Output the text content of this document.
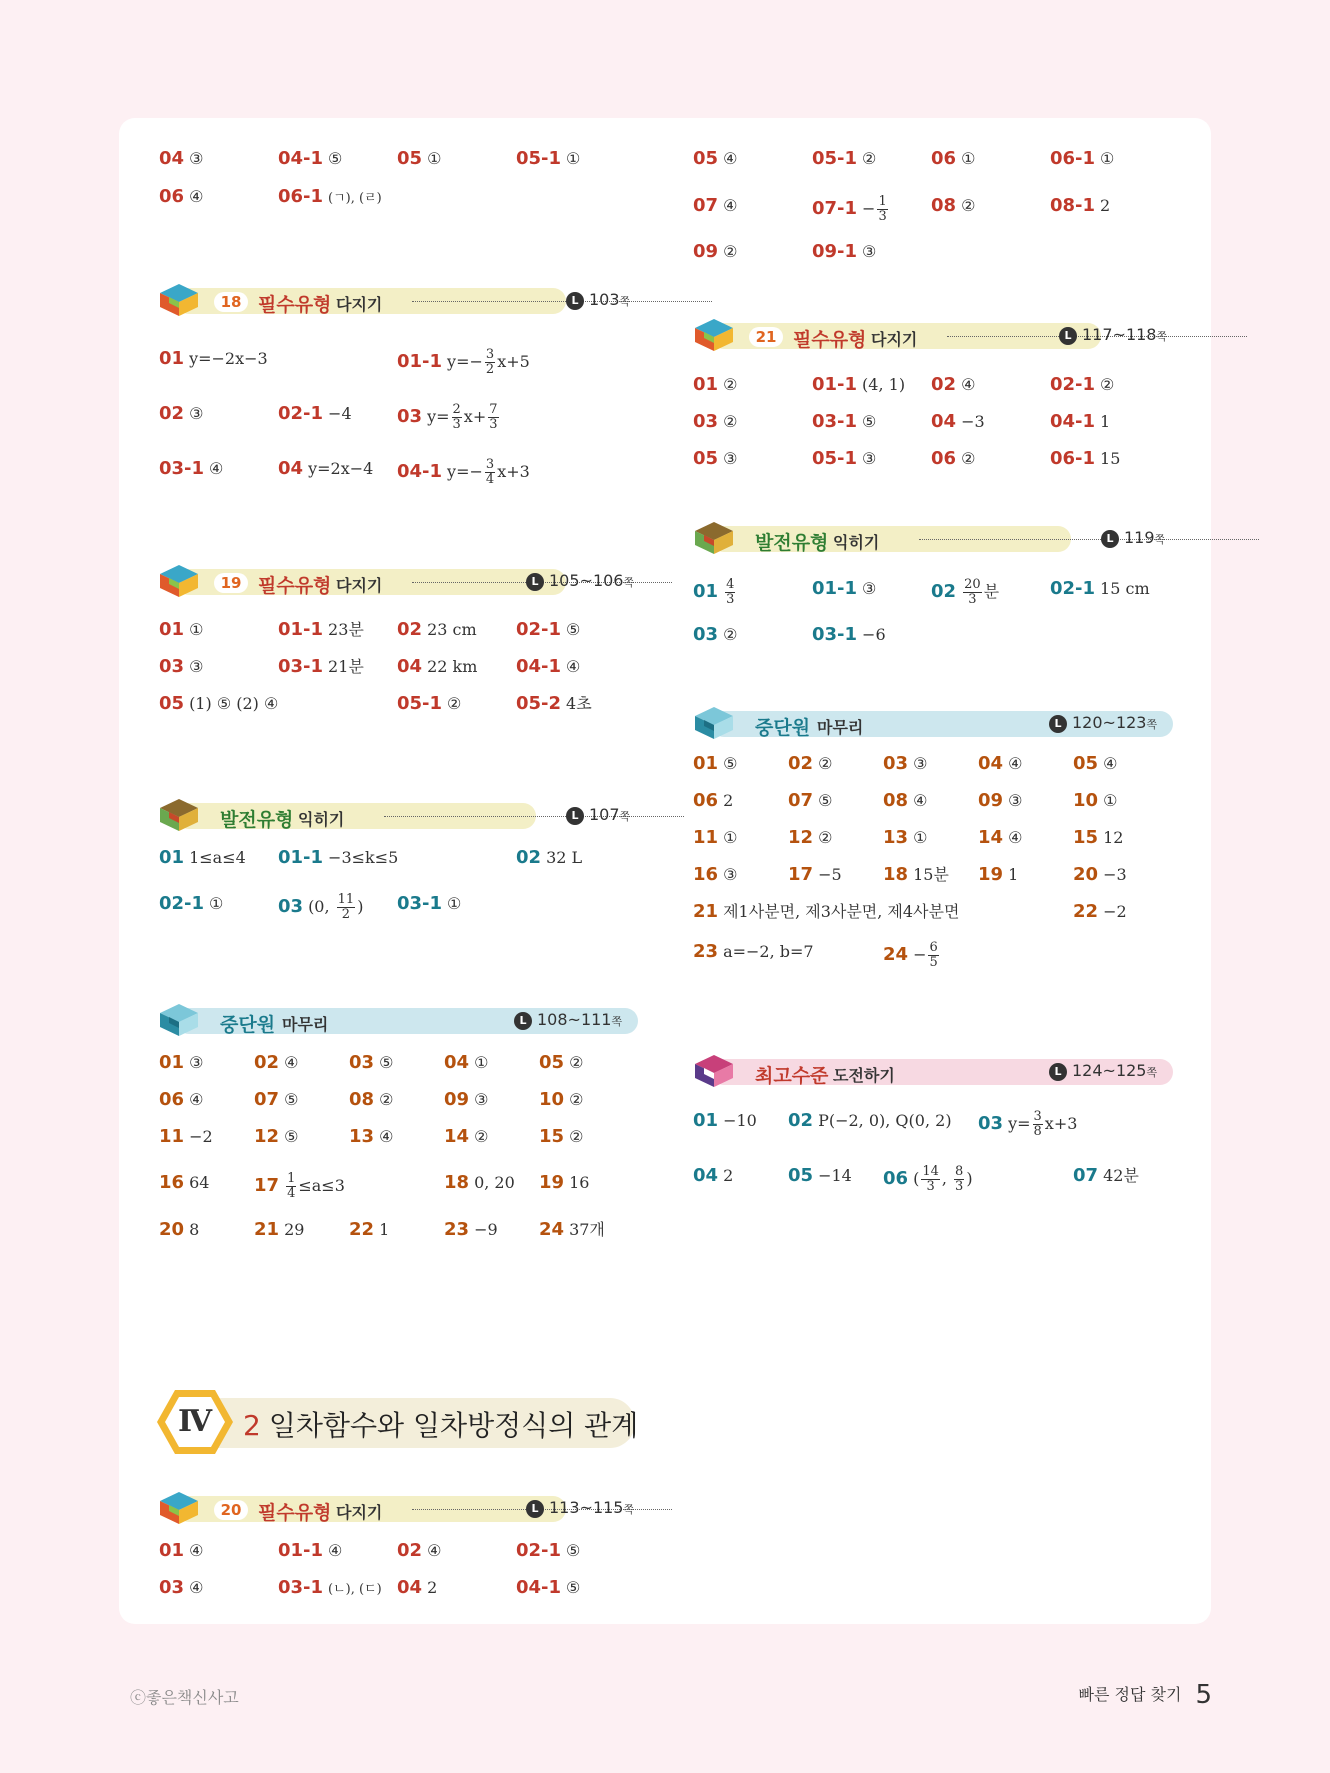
18 필수유형 다지기	L 103쪽
19 필수유형 다지기	L 105~106쪽
발전유형 익히기	L 107쪽
중단원 마무리	L 108~111쪽
Ⅳ 2 일차함수와 일차방정식의 관계
20 필수유형 다지기	L 113~115쪽
21 필수유형 다지기	L 117~118쪽
발전유형 익히기	L 119쪽
중단원 마무리	L 120~123쪽
최고수준 도전하기	L 124~125쪽
ⓒ좋은책신사고	빠른 정답 찾기 5
04 ③	04-1 ⑤	05 ①	05-1 ①
06 ④	06-1 (ㄱ), (ㄹ)
01 y=−2x−3	01-1 $y=- \frac{3}{2} x+5$
02 ③	02-1 −4	03 $y= \frac{2}{3} x+ \frac{7}{3}$
03-1 ④	04 y=2x−4 04-1 $y=- \frac{3}{4} x+3$
01 ①	01-1 23분 02 23 cm 02-1 ⑤
03 ③	03-1 21분 04 22 km 04-1 ④
05 (1) ⑤ (2) ④	05-1 ②	05-2 4초
01 1≤a≤4 01-1 −3≤k≤5	02 32 L
02-1 ①	03 (0, $\frac{11}{2}$ ) 03-1 ①
01 ③	02 ④	03 ⑤	04 ①	05 ②
06 ④	07 ⑤	08 ②	09 ③	10 ②
11 −2 12 ⑤	13 ④	14 ②	15 ②
16 64 $17 \frac{1}{4} \le a\le 3$	18 0, 20 19 16
20 8	21 29 22 1	23 −9 24 37개
01 ④	01-1 ④	02 ④	02-1 ⑤
03 ④	03-1 (ㄴ), (ㄷ) 04 2	04-1 ⑤
05 ④	05-1 ②	06 ①	06-1 ①
07 ④	$07-1 - \frac{1}{3} 08$ ②	08-1 2
09 ②	09-1 ③
01 ②	01-1 (4, 1) 02 ④	02-1 ②
03 ②	03-1 ⑤	04 −3	04-1 1
05 ③	05-1 ③	06 ②	06-1 15
$01 \frac{4}{3}$	01-1 ③	$02 \frac{20}{3}$ 분	02-1 15 cm
03 ②	03-1 −6
01 ⑤	02 ②	03 ③	04 ④	05 ④
06 2	07 ⑤	08 ④	09 ③	10 ①
11 ①	12 ②	13 ①	14 ④	15 12
16 ③	17 −5 18 15분 19 1	20 −3
21 제1사분면, 제3사분면, 제4사분면	22 −2
23 a=−2, b=7	$24 - \frac{6}{5}$
01 −10 02 P(−2, 0), Q(0, 2) 03 $y= \frac{3}{8} x+3$
04 2	05 −14 06 ( $\frac{14}{3}$ , $\frac{8}{3}$ )	07 42분
